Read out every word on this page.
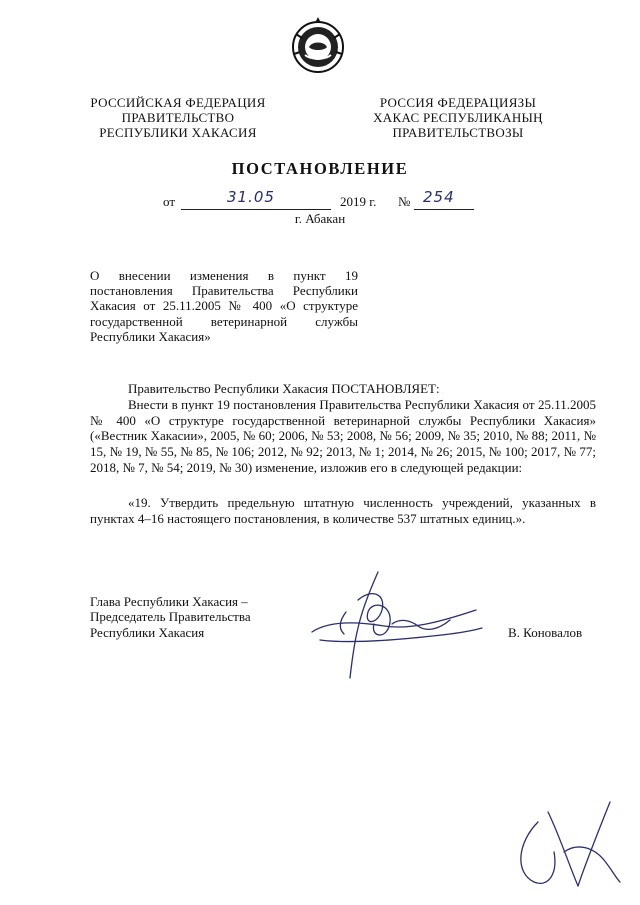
РОССИЙСКАЯ ФЕДЕРАЦИЯ
ПРАВИТЕЛЬСТВО
РЕСПУБЛИКИ ХАКАСИЯ
РОССИЯ ФЕДЕРАЦИЯЗЫ
ХАКАС РЕСПУБЛИКАНЫҢ
ПРАВИТЕЛЬСТВОЗЫ
ПОСТАНОВЛЕНИЕ
от	31.05	2019 г. № 254
г. Абакан
О внесении изменения в пункт 19
постановления Правительства Республики
Хакасия от 25.11.2005 № 400 «О структуре
государственной ветеринарной службы
Республики Хакасия»

Правительство Республики Хакасия ПОСТАНОВЛЯЕТ:

Внести в пункт 19 постановления Правительства Республики Хакасия от 25.11.2005 № 400 «О структуре государственной ветеринарной службы Республики Хакасия» («Вестник Хакасии», 2005, № 60; 2006, № 53; 2008, № 56; 2009, № 35; 2010, № 88; 2011, № 15, № 19, № 55, № 85, № 106; 2012, № 92; 2013, № 1; 2014, № 26; 2015, № 100; 2017, № 77; 2018, № 7, № 54; 2019, № 30) изменение, изложив его в следующей редакции:

«19. Утвердить предельную штатную численность учреждений, указанных в пунктах 4–16 настоящего постановления, в количестве 537 штатных единиц.».

Глава Республики Хакасия –
Председатель Правительства
Республики Хакасия	В. Коновалов
